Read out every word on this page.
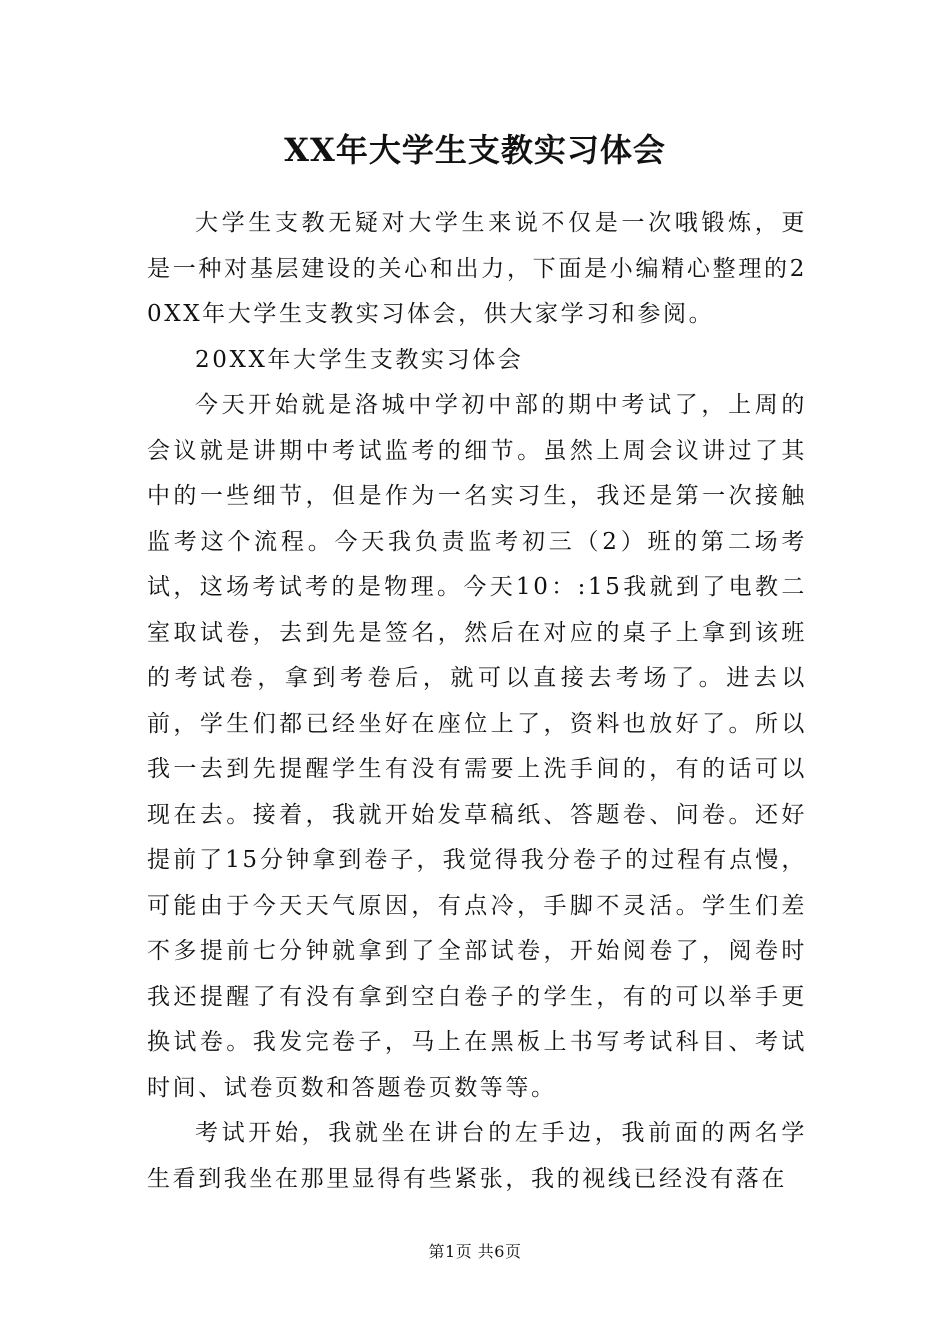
XX年大学生支教实习体会

大学生支教无疑对大学生来说不仅是一次哦锻炼，更是一种对基层建设的关心和出力，下面是小编精心整理的20XX年大学生支教实习体会，供大家学习和参阅。

20XX年大学生支教实习体会

今天开始就是洛城中学初中部的期中考试了，上周的会议就是讲期中考试监考的细节。虽然上周会议讲过了其中的一些细节，但是作为一名实习生，我还是第一次接触监考这个流程。今天我负责监考初三（2）班的第二场考试，这场考试考的是物理。今天10：:15我就到了电教二室取试卷，去到先是签名，然后在对应的桌子上拿到该班的考试卷，拿到考卷后，就可以直接去考场了。进去以前，学生们都已经坐好在座位上了，资料也放好了。所以我一去到先提醒学生有没有需要上洗手间的，有的话可以现在去。接着，我就开始发草稿纸、答题卷、问卷。还好提前了15分钟拿到卷子，我觉得我分卷子的过程有点慢，可能由于今天天气原因，有点冷，手脚不灵活。学生们差不多提前七分钟就拿到了全部试卷，开始阅卷了，阅卷时我还提醒了有没有拿到空白卷子的学生，有的可以举手更换试卷。我发完卷子，马上在黑板上书写考试科目、考试时间、试卷页数和答题卷页数等等。

考试开始，我就坐在讲台的左手边，我前面的两名学生看到我坐在那里显得有些紧张，我的视线已经没有落在

第1页 共6页
